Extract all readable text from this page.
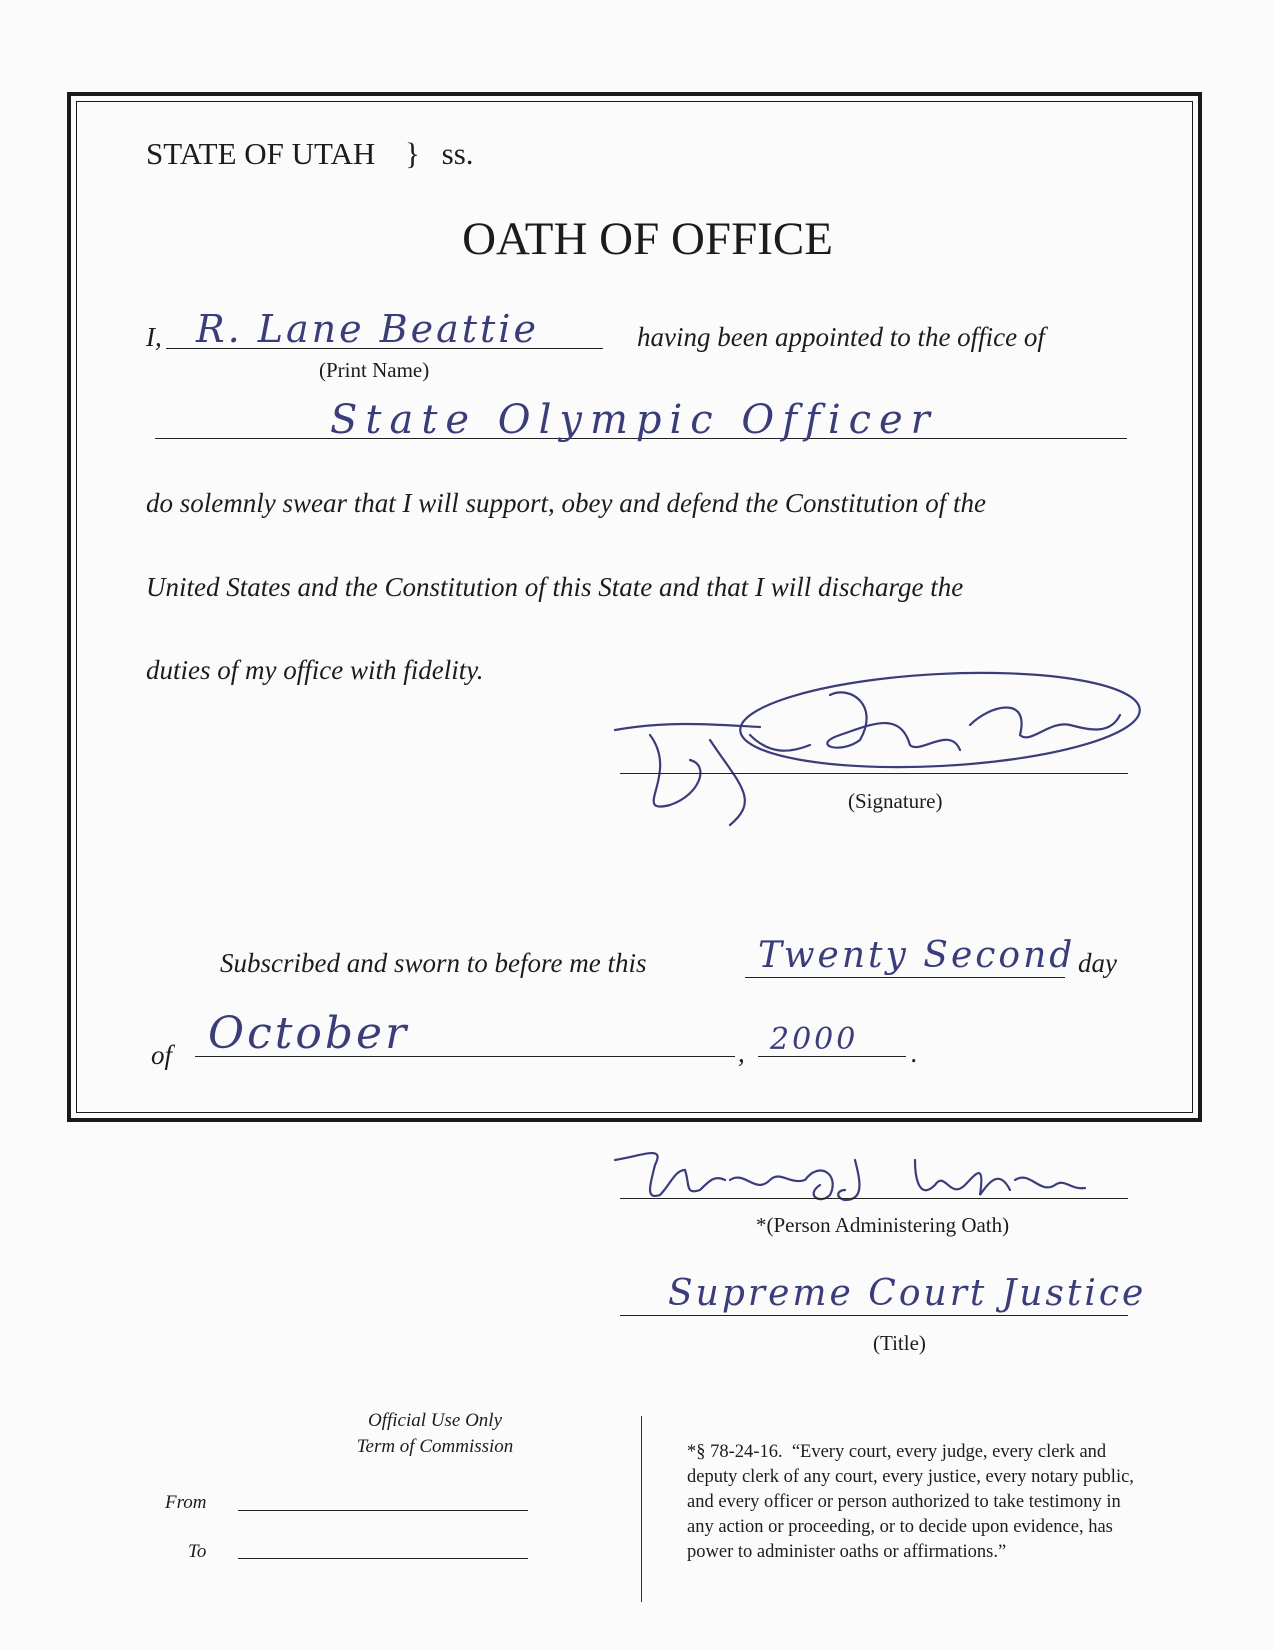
STATE OF UTAH } ss.
OATH OF OFFICE
I, R. Lane Beattie
(Print Name)
having been appointed to the office of
State Olympic Officer
do solemnly swear that I will support, obey and defend the Constitution of the
United States and the Constitution of this State and that I will discharge the
duties of my office with fidelity.
(Signature)
Subscribed and sworn to before me this	Twenty Second day
of October	, 2000 .
*(Person Administering Oath)
Supreme Court Justice
(Title)
Official Use Only
Term of Commission
From
To
*§ 78-24-16.  “Every court, every judge, every clerk and
deputy clerk of any court, every justice, every notary public,
and every officer or person authorized to take testimony in
any action or proceeding, or to decide upon evidence, has
power to administer oaths or affirmations.”
